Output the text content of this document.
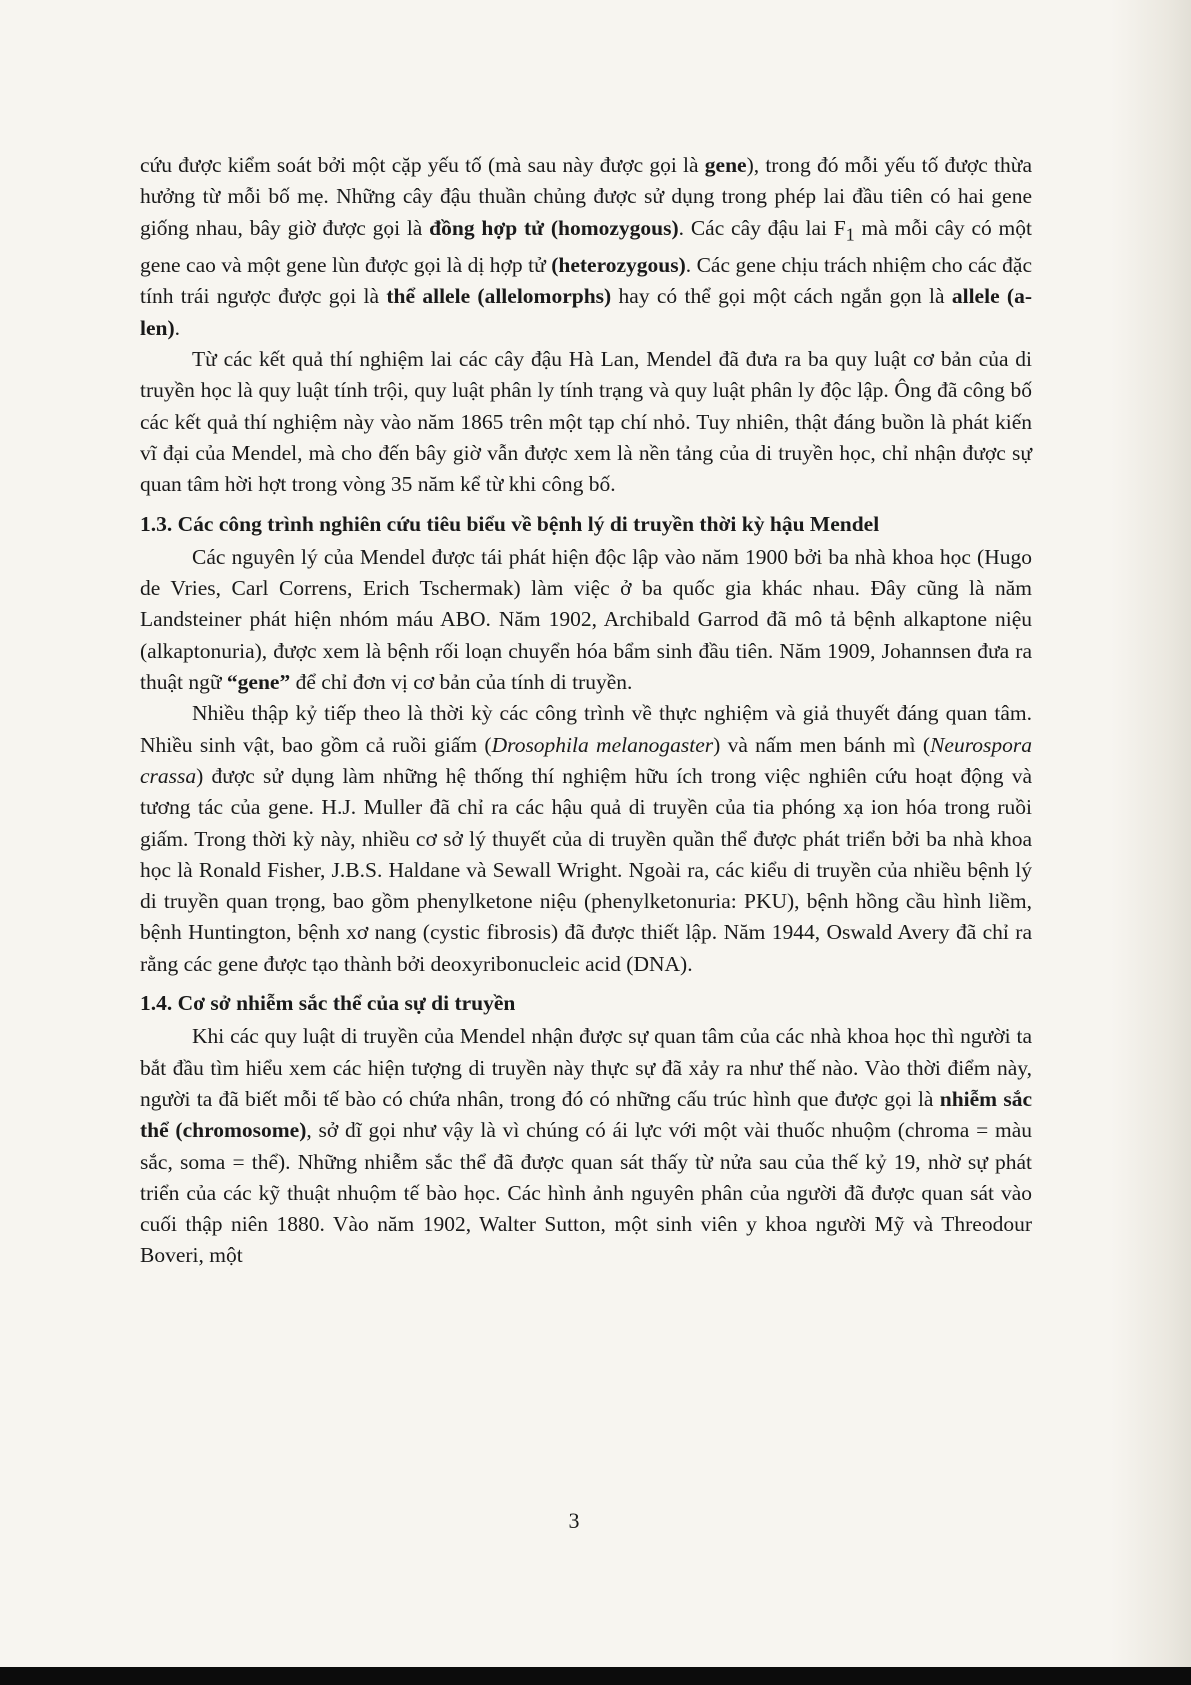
cứu được kiểm soát bởi một cặp yếu tố (mà sau này được gọi là gene), trong đó mỗi yếu tố được thừa hưởng từ mỗi bố mẹ. Những cây đậu thuần chủng được sử dụng trong phép lai đầu tiên có hai gene giống nhau, bây giờ được gọi là đồng hợp tử (homozygous). Các cây đậu lai $F_1$ mà mỗi cây có một gene cao và một gene lùn được gọi là dị hợp tử (heterozygous). Các gene chịu trách nhiệm cho các đặc tính trái ngược được gọi là thể allele (allelomorphs) hay có thể gọi một cách ngắn gọn là allele (a-len).

Từ các kết quả thí nghiệm lai các cây đậu Hà Lan, Mendel đã đưa ra ba quy luật cơ bản của di truyền học là quy luật tính trội, quy luật phân ly tính trạng và quy luật phân ly độc lập. Ông đã công bố các kết quả thí nghiệm này vào năm 1865 trên một tạp chí nhỏ. Tuy nhiên, thật đáng buồn là phát kiến vĩ đại của Mendel, mà cho đến bây giờ vẫn được xem là nền tảng của di truyền học, chỉ nhận được sự quan tâm hời hợt trong vòng 35 năm kể từ khi công bố.

1.3. Các công trình nghiên cứu tiêu biểu về bệnh lý di truyền thời kỳ hậu Mendel

Các nguyên lý của Mendel được tái phát hiện độc lập vào năm 1900 bởi ba nhà khoa học (Hugo de Vries, Carl Correns, Erich Tschermak) làm việc ở ba quốc gia khác nhau. Đây cũng là năm Landsteiner phát hiện nhóm máu ABO. Năm 1902, Archibald Garrod đã mô tả bệnh alkaptone niệu (alkaptonuria), được xem là bệnh rối loạn chuyển hóa bẩm sinh đầu tiên. Năm 1909, Johannsen đưa ra thuật ngữ “gene” để chỉ đơn vị cơ bản của tính di truyền.

Nhiều thập kỷ tiếp theo là thời kỳ các công trình về thực nghiệm và giả thuyết đáng quan tâm. Nhiều sinh vật, bao gồm cả ruồi giấm (Drosophila melanogaster) và nấm men bánh mì (Neurospora crassa) được sử dụng làm những hệ thống thí nghiệm hữu ích trong việc nghiên cứu hoạt động và tương tác của gene. H.J. Muller đã chỉ ra các hậu quả di truyền của tia phóng xạ ion hóa trong ruồi giấm. Trong thời kỳ này, nhiều cơ sở lý thuyết của di truyền quần thể được phát triển bởi ba nhà khoa học là Ronald Fisher, J.B.S. Haldane và Sewall Wright. Ngoài ra, các kiểu di truyền của nhiều bệnh lý di truyền quan trọng, bao gồm phenylketone niệu (phenylketonuria: PKU), bệnh hồng cầu hình liềm, bệnh Huntington, bệnh xơ nang (cystic fibrosis) đã được thiết lập. Năm 1944, Oswald Avery đã chỉ ra rằng các gene được tạo thành bởi deoxyribonucleic acid (DNA).

1.4. Cơ sở nhiễm sắc thể của sự di truyền

Khi các quy luật di truyền của Mendel nhận được sự quan tâm của các nhà khoa học thì người ta bắt đầu tìm hiểu xem các hiện tượng di truyền này thực sự đã xảy ra như thế nào. Vào thời điểm này, người ta đã biết mỗi tế bào có chứa nhân, trong đó có những cấu trúc hình que được gọi là nhiễm sắc thể (chromosome), sở dĩ gọi như vậy là vì chúng có ái lực với một vài thuốc nhuộm (chroma = màu sắc, soma = thể). Những nhiễm sắc thể đã được quan sát thấy từ nửa sau của thế kỷ 19, nhờ sự phát triển của các kỹ thuật nhuộm tế bào học. Các hình ảnh nguyên phân của người đã được quan sát vào cuối thập niên 1880. Vào năm 1902, Walter Sutton, một sinh viên y khoa người Mỹ và Threodour Boveri, một

3
